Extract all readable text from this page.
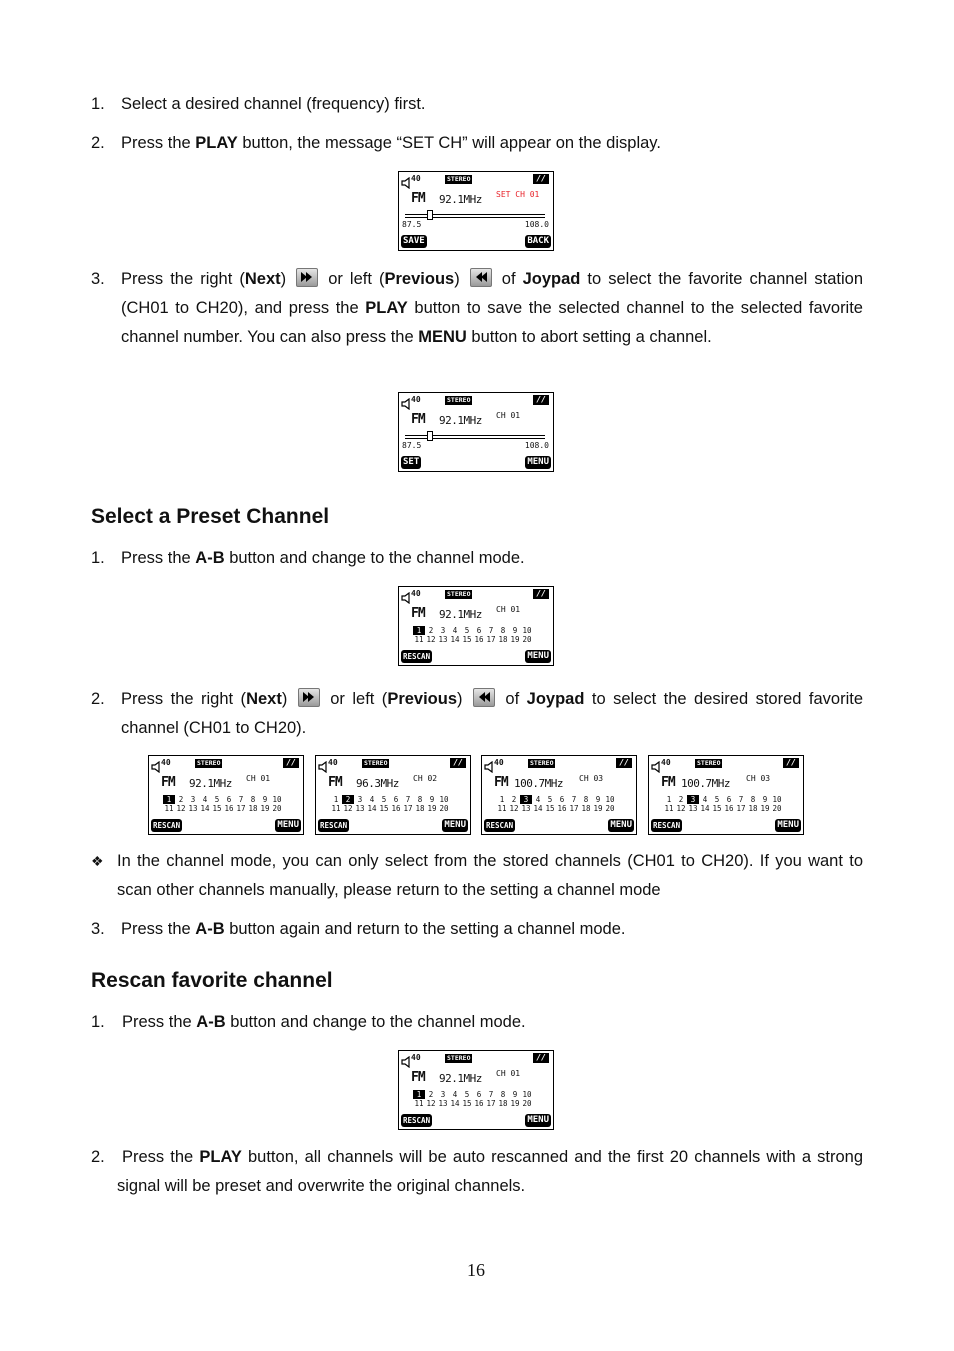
1. Select a desired channel (frequency) first.

2. Press the PLAY button, the message “SET CH” will appear on the display.

40	STEREO	//
FM 92.1MHz SET CH 01
87.5	108.0
SAVE	BACK
3. Press the right (Next)
or left (Previous)
of Joypad to select the favorite channel station (CH01 to CH20), and press the PLAY button to save the selected channel to the selected favorite channel number. You can also press the MENU button to abort setting a channel.

40	STEREO	//
FM 92.1MHz CH 01
87.5	108.0
SET	MENU
Select a Preset Channel
1. Press the A-B button and change to the channel mode.

40	STEREO	//
FM 92.1MHz CH 01
1 2 3 4 5 6 7 8 9 10
11 12 13 14 15 16 17 18 19 20
RESCAN	MENU
40	STEREO	//
FM 92.1MHz CH 01
1 2 3 4 5 6 7 8 9 10
11 12 13 14 15 16 17 18 19 20
RESCAN	MENU
40	STEREO	//
FM 96.3MHz CH 02
1 2 3 4 5 6 7 8 9 10
11 12 13 14 15 16 17 18 19 20
RESCAN	MENU
40	STEREO	//
FM 100.7MHz CH 03
1 2 3 4 5 6 7 8 9 10
11 12 13 14 15 16 17 18 19 20
RESCAN	MENU
40	STEREO	//
FM 100.7MHz CH 03
1 2 3 4 5 6 7 8 9 10
11 12 13 14 15 16 17 18 19 20
RESCAN	MENU
40	STEREO	//
FM 92.1MHz CH 01
1 2 3 4 5 6 7 8 9 10
11 12 13 14 15 16 17 18 19 20
RESCAN	MENU
2. Press the right (Next)
or left (Previous)
of Joypad to select the desired stored favorite channel (CH01 to CH20).

❖ In the channel mode, you can only select from the stored channels (CH01 to CH20). If you want to scan other channels manually, please return to the setting a channel mode

3. Press the A-B button again and return to the setting a channel mode.

Rescan favorite channel
1. Press the A-B button and change to the channel mode.

2.	Press the PLAY button, all channels will be auto rescanned and the first 20 channels with a strong signal will be preset and overwrite the original channels.

16
